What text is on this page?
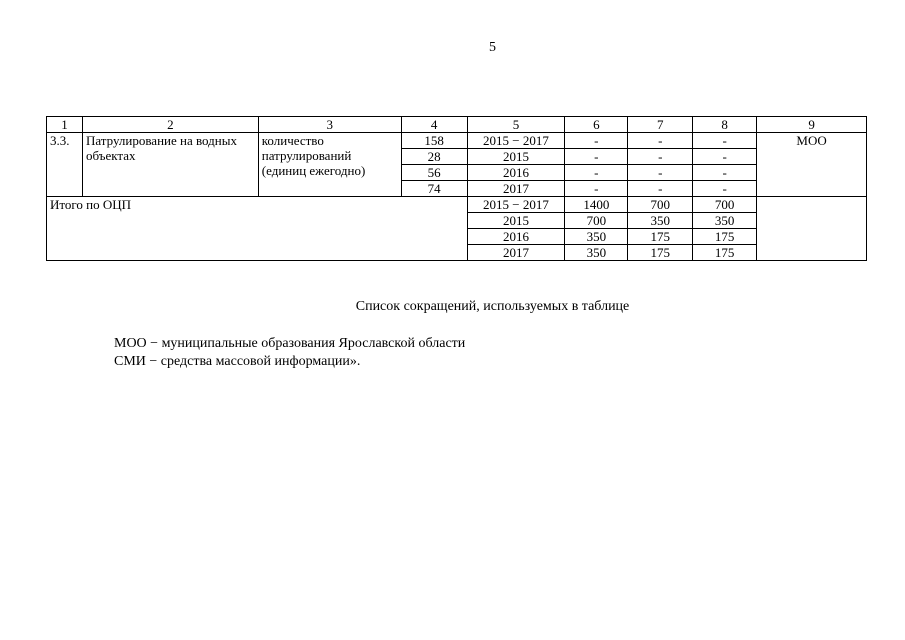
5
1	2	3	4	5	6	7	8	9
3.3.	Патрулирование на водных объектах	количество патрулирований (единиц ежегодно)	158	2015 − 2017	-	-	-	МОО
			28	2015	-	-	-	
			56	2016	-	-	-	
			74	2017	-	-	-	
Итого по ОЦП				2015 − 2017	1400	700	700	
				2015	700	350	350	
				2016	350	175	175	
				2017	350	175	175	
Список сокращений, используемых в таблице
МОО − муниципальные образования Ярославской области
СМИ − средства массовой информации».
